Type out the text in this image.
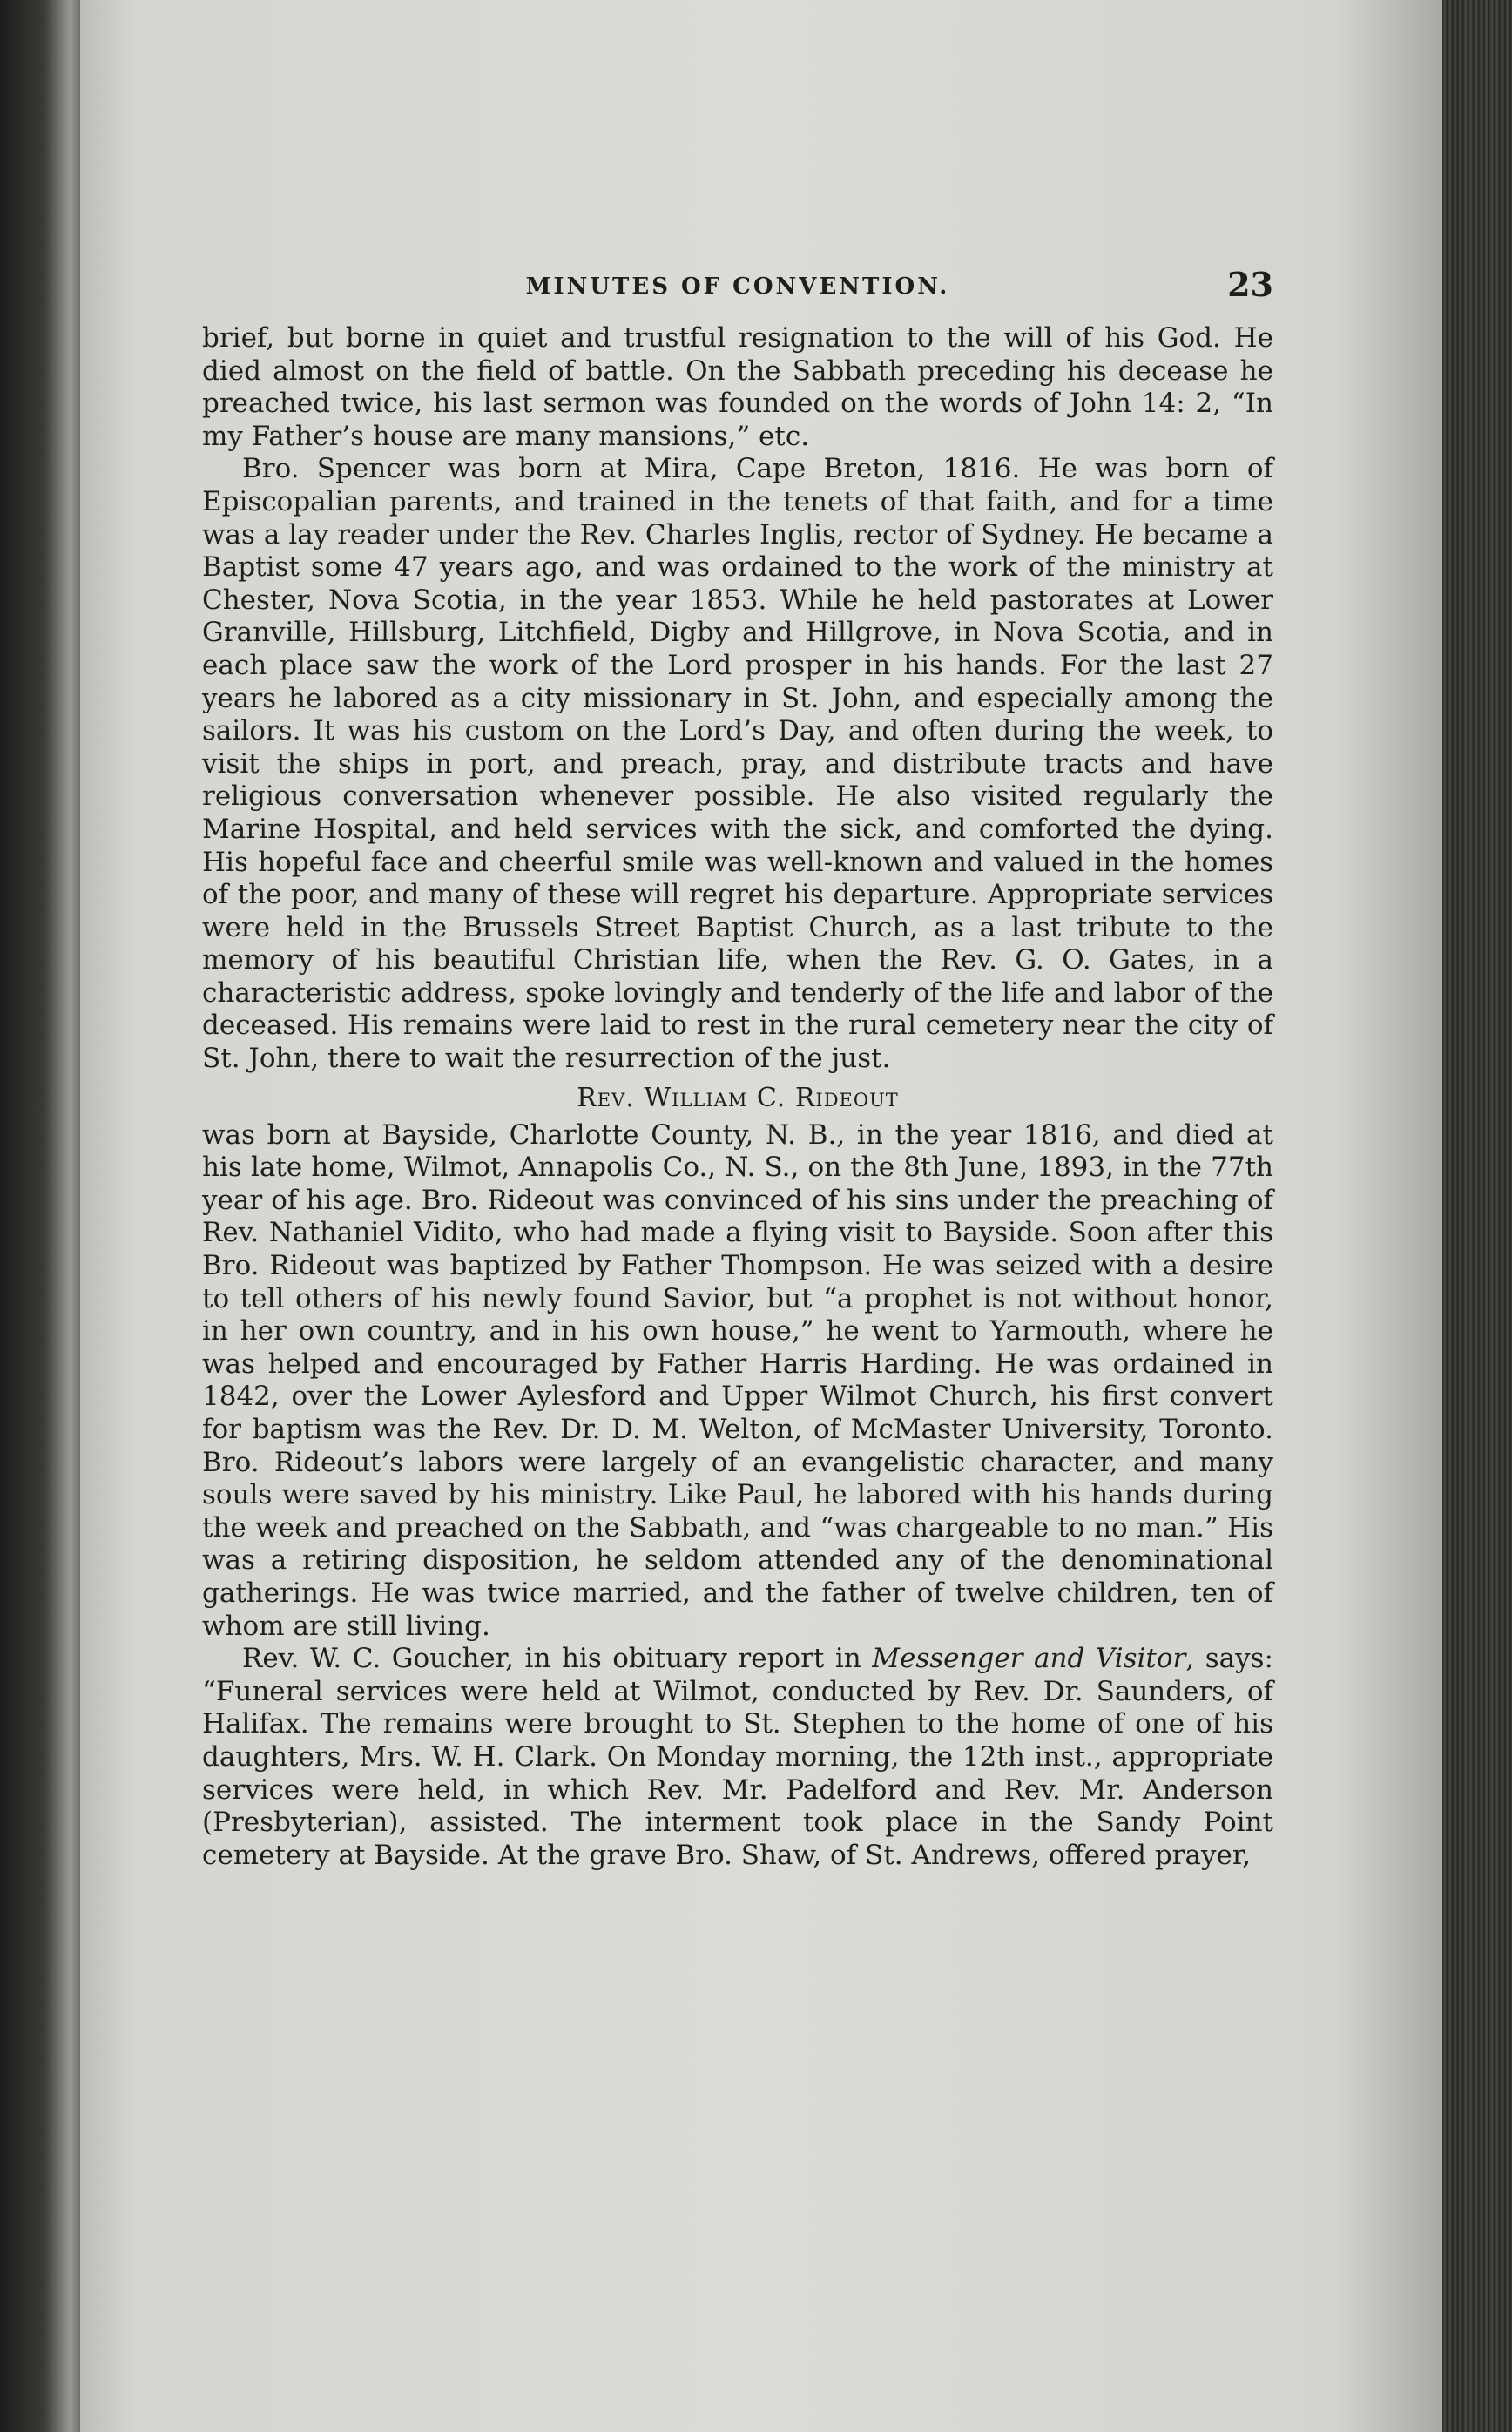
MINUTES OF CONVENTION.	23

brief, but borne in quiet and trustful resignation to the will of his God. He died almost on the field of battle. On the Sabbath preceding his decease he preached twice, his last sermon was founded on the words of John 14: 2, “In my Father’s house are many mansions,” etc.

Bro. Spencer was born at Mira, Cape Breton, 1816. He was born of Episcopalian parents, and trained in the tenets of that faith, and for a time was a lay reader under the Rev. Charles Inglis, rector of Sydney. He became a Baptist some 47 years ago, and was ordained to the work of the ministry at Chester, Nova Scotia, in the year 1853. While he held pastorates at Lower Granville, Hillsburg, Litchfield, Digby and Hillgrove, in Nova Scotia, and in each place saw the work of the Lord prosper in his hands. For the last 27 years he labored as a city missionary in St. John, and especially among the sailors. It was his custom on the Lord’s Day, and often during the week, to visit the ships in port, and preach, pray, and distribute tracts and have religious conversation whenever possible. He also visited regularly the Marine Hospital, and held services with the sick, and comforted the dying. His hopeful face and cheerful smile was well-known and valued in the homes of the poor, and many of these will regret his departure. Appropriate services were held in the Brussels Street Baptist Church, as a last tribute to the memory of his beautiful Christian life, when the Rev. G. O. Gates, in a characteristic address, spoke lovingly and tenderly of the life and labor of the deceased. His remains were laid to rest in the rural cemetery near the city of St. John, there to wait the resurrection of the just.

Rev. William C. Rideout

was born at Bayside, Charlotte County, N. B., in the year 1816, and died at his late home, Wilmot, Annapolis Co., N. S., on the 8th June, 1893, in the 77th year of his age. Bro. Rideout was convinced of his sins under the preaching of Rev. Nathaniel Vidito, who had made a flying visit to Bayside. Soon after this Bro. Rideout was baptized by Father Thompson. He was seized with a desire to tell others of his newly found Savior, but “a prophet is not without honor, in her own country, and in his own house,” he went to Yarmouth, where he was helped and encouraged by Father Harris Harding. He was ordained in 1842, over the Lower Aylesford and Upper Wilmot Church, his first convert for baptism was the Rev. Dr. D. M. Welton, of McMaster University, Toronto. Bro. Rideout’s labors were largely of an evangelistic character, and many souls were saved by his ministry. Like Paul, he labored with his hands during the week and preached on the Sabbath, and “was chargeable to no man.” His was a retiring disposition, he seldom attended any of the denominational gatherings. He was twice married, and the father of twelve children, ten of whom are still living.

Rev. W. C. Goucher, in his obituary report in Messenger and Visitor, says: “Funeral services were held at Wilmot, conducted by Rev. Dr. Saunders, of Halifax. The remains were brought to St. Stephen to the home of one of his daughters, Mrs. W. H. Clark. On Monday morning, the 12th inst., appropriate services were held, in which Rev. Mr. Padelford and Rev. Mr. Anderson (Presbyterian), assisted. The interment took place in the Sandy Point cemetery at Bayside. At the grave Bro. Shaw, of St. Andrews, offered prayer,
